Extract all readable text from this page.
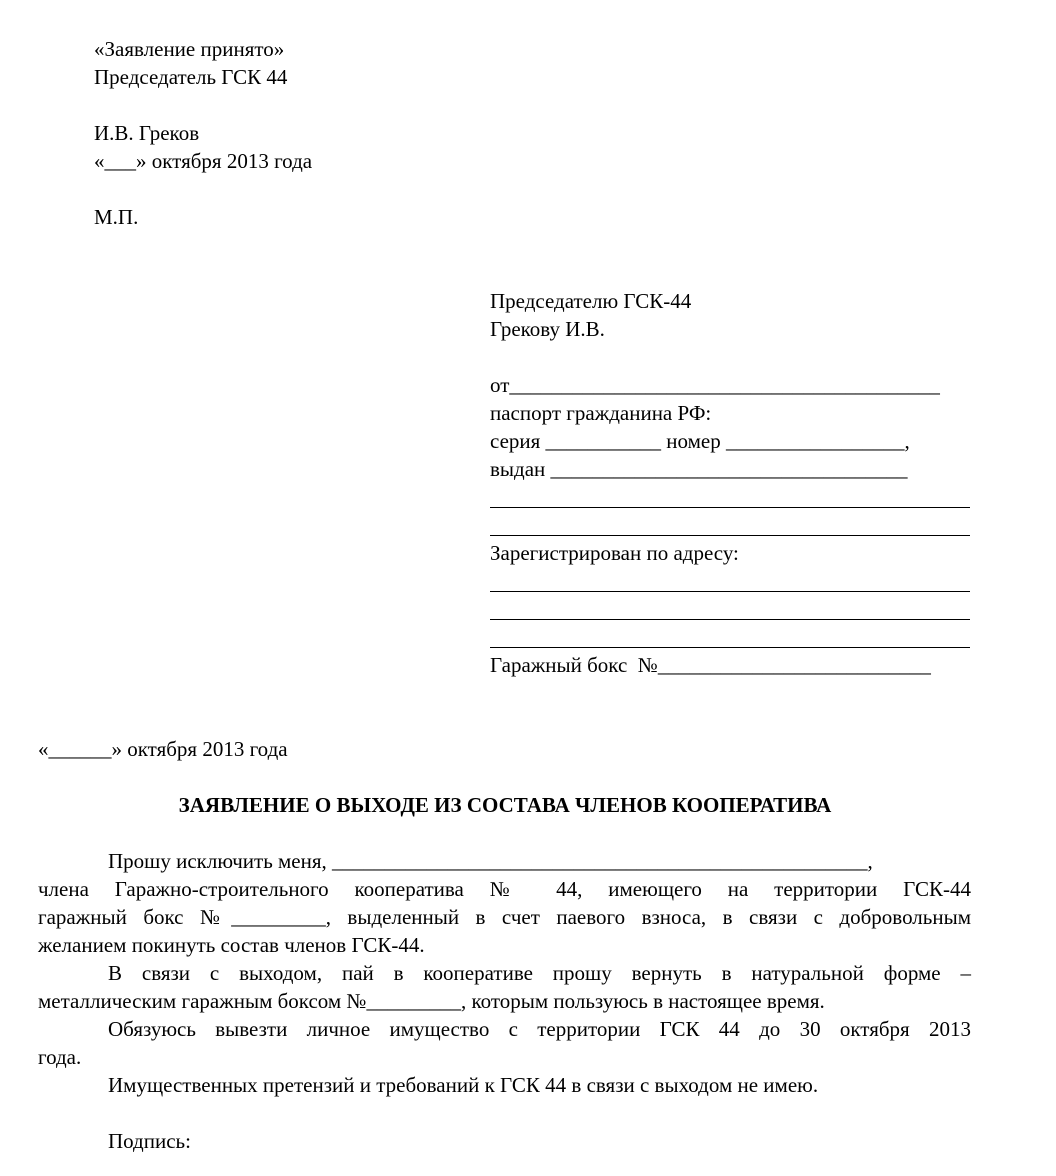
«Заявление принято»
Председатель ГСК 44
И.В. Греков
«___» октября 2013 года
М.П.
Председателю ГСК-44
Грекову И.В.
от_________________________________________
паспорт гражданина РФ:
серия ___________ номер _________________,
выдан __________________________________
Зарегистрирован по адресу:
Гаражный бокс  №__________________________
«______» октября 2013 года
ЗАЯВЛЕНИЕ О ВЫХОДЕ ИЗ СОСТАВА ЧЛЕНОВ КООПЕРАТИВА
Прошу исключить меня, ___________________________________________________,
члена Гаражно-строительного кооператива № 44, имеющего на территории ГСК-44
гаражный бокс №_________, выделенный в счет паевого взноса, в связи с добровольным
желанием покинуть состав членов ГСК-44.
В связи с выходом, пай в кооперативе прошу вернуть в натуральной форме –
металлическим гаражным боксом №_________, которым пользуюсь в настоящее время.
Обязуюсь вывезти личное имущество с территории ГСК 44 до 30 октября 2013
года.
Имущественных претензий и требований к ГСК 44 в связи с выходом не имею.
Подпись:
